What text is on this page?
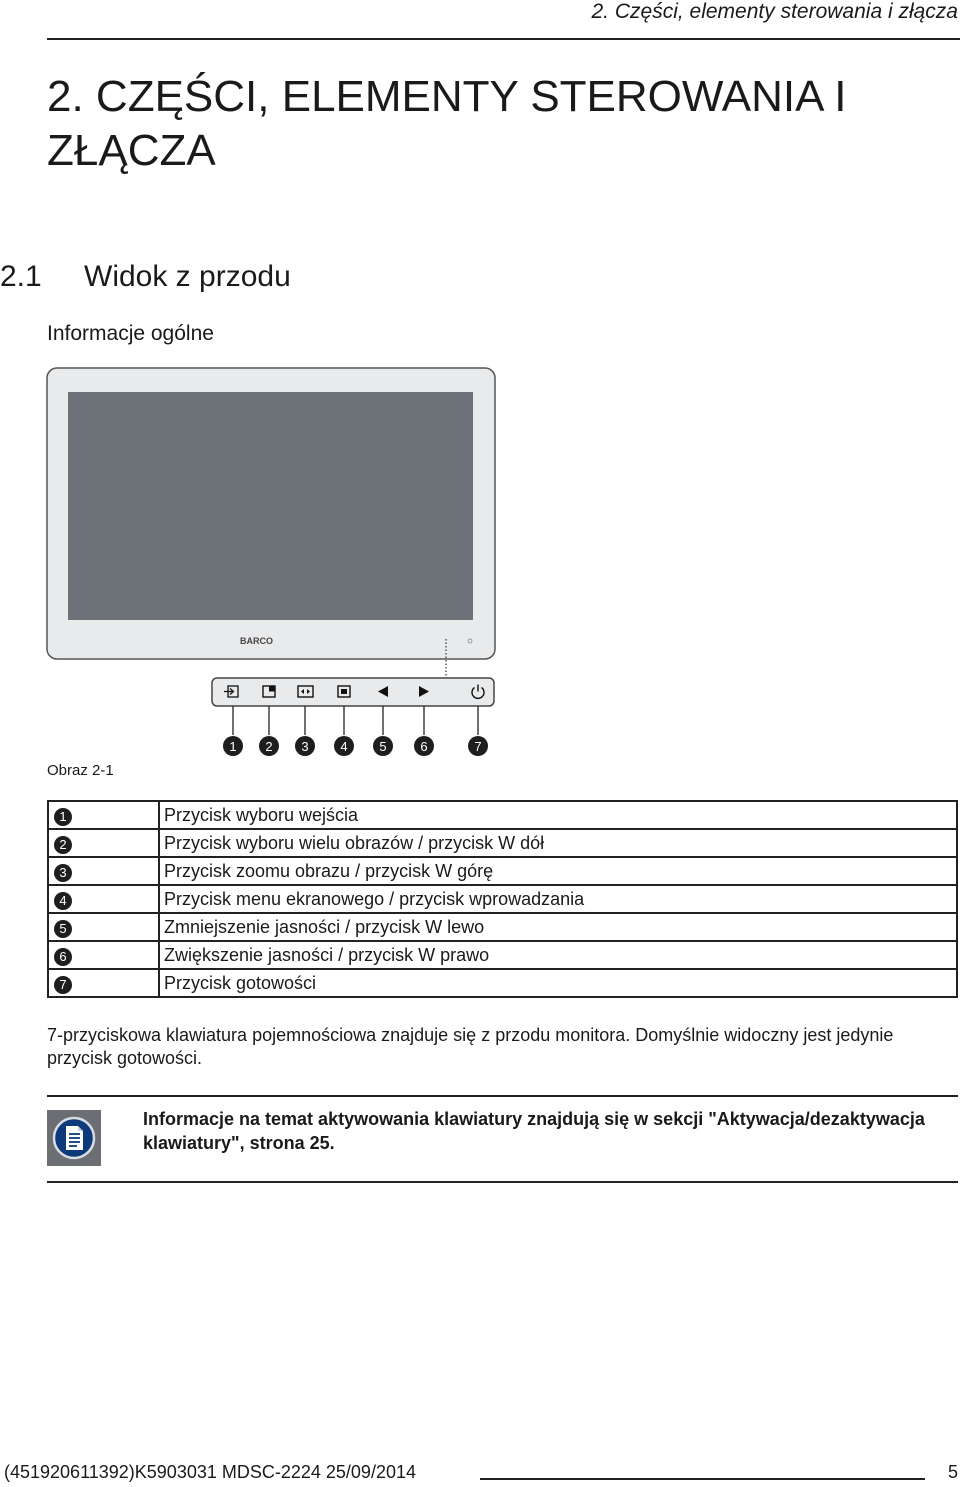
2. Części, elementy sterowania i złącza
2. CZĘŚCI, ELEMENTY STEROWANIA I ZŁĄCZA
2.1 Widok z przodu
Informacje ogólne
BARCO
1 2 3 4 5	6	7
Obraz 2-1
1	Przycisk wyboru wejścia
2	Przycisk wyboru wielu obrazów / przycisk W dół
3	Przycisk zoomu obrazu / przycisk W górę
4	Przycisk menu ekranowego / przycisk wprowadzania
5	Zmniejszenie jasności / przycisk W lewo
6	Zwiększenie jasności / przycisk W prawo
7	Przycisk gotowości

7-przyciskowa klawiatura pojemnościowa znajduje się z przodu monitora. Domyślnie widoczny jest jedynie przycisk gotowości.

Informacje na temat aktywowania klawiatury znajdują się w sekcji "Aktywacja/dezaktywacja klawiatury", strona 25.

(451920611392)K5903031 MDSC-2224 25/09/2014	5
